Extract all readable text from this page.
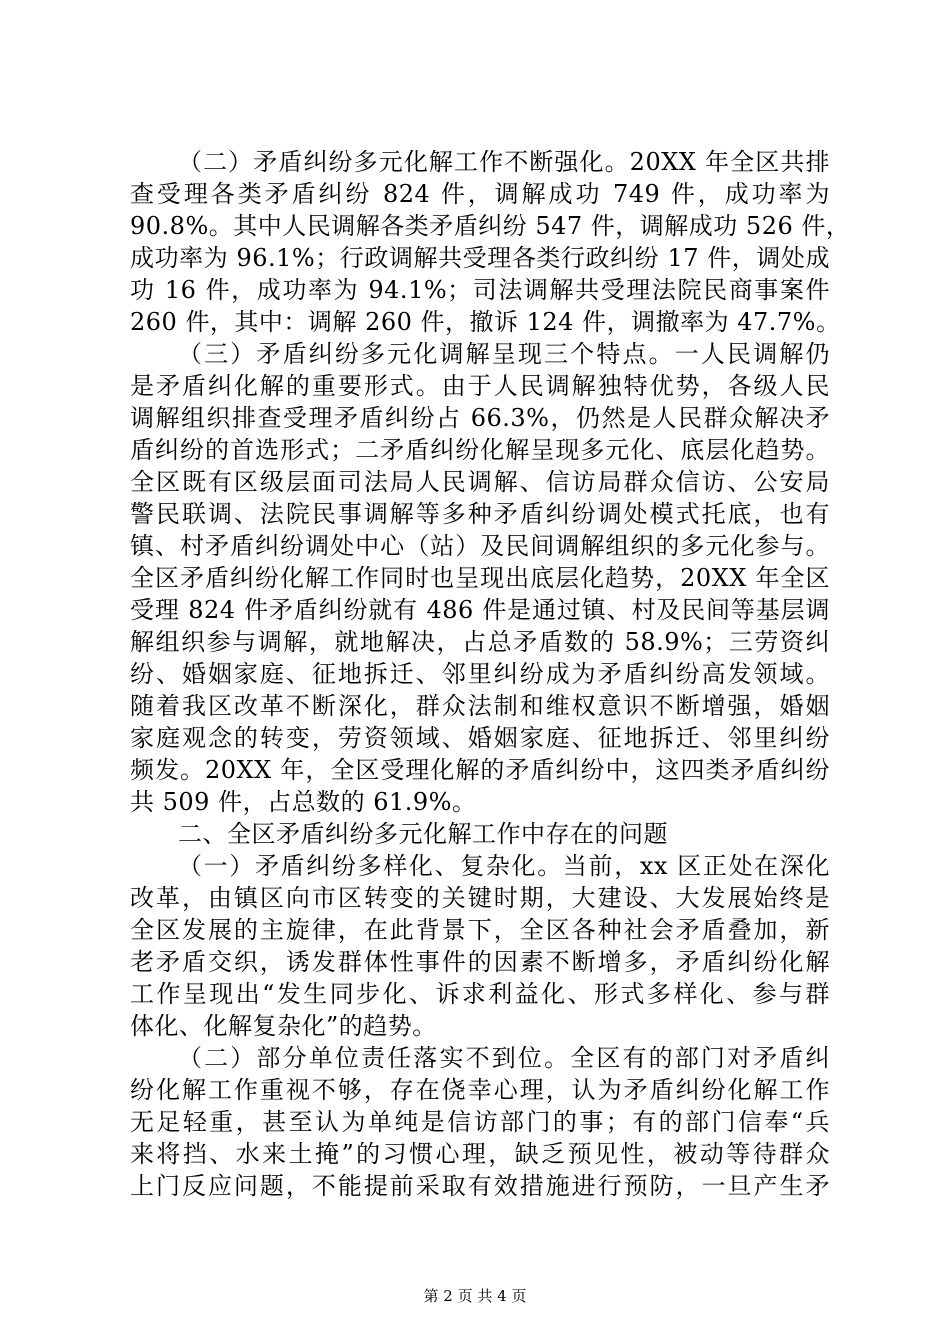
（二）矛盾纠纷多元化解工作不断强化。20XX 年全区共排
查受理各类矛盾纠纷 824 件，调解成功 749 件，成功率为
90.8%。其中人民调解各类矛盾纠纷 547 件，调解成功 526 件，
成功率为 96.1%；行政调解共受理各类行政纠纷 17 件，调处成
功 16 件，成功率为 94.1%；司法调解共受理法院民商事案件
260 件，其中：调解 260 件，撤诉 124 件，调撤率为 47.7%。
（三）矛盾纠纷多元化调解呈现三个特点。一人民调解仍
是矛盾纠化解的重要形式。由于人民调解独特优势，各级人民
调解组织排查受理矛盾纠纷占 66.3%，仍然是人民群众解决矛
盾纠纷的首选形式；二矛盾纠纷化解呈现多元化、底层化趋势。
全区既有区级层面司法局人民调解、信访局群众信访、公安局
警民联调、法院民事调解等多种矛盾纠纷调处模式托底，也有
镇、村矛盾纠纷调处中心（站）及民间调解组织的多元化参与。
全区矛盾纠纷化解工作同时也呈现出底层化趋势，20XX 年全区
受理 824 件矛盾纠纷就有 486 件是通过镇、村及民间等基层调
解组织参与调解，就地解决，占总矛盾数的 58.9%；三劳资纠
纷、婚姻家庭、征地拆迁、邻里纠纷成为矛盾纠纷高发领域。
随着我区改革不断深化，群众法制和维权意识不断增强，婚姻
家庭观念的转变，劳资领域、婚姻家庭、征地拆迁、邻里纠纷
频发。20XX 年，全区受理化解的矛盾纠纷中，这四类矛盾纠纷
共 509 件，占总数的 61.9%。
二、全区矛盾纠纷多元化解工作中存在的问题
（一）矛盾纠纷多样化、复杂化。当前，xx 区正处在深化
改革，由镇区向市区转变的关键时期，大建设、大发展始终是
全区发展的主旋律，在此背景下，全区各种社会矛盾叠加，新
老矛盾交织，诱发群体性事件的因素不断增多，矛盾纠纷化解
工作呈现出“发生同步化、诉求利益化、形式多样化、参与群
体化、化解复杂化”的趋势。
（二）部分单位责任落实不到位。全区有的部门对矛盾纠
纷化解工作重视不够，存在侥幸心理，认为矛盾纠纷化解工作
无足轻重，甚至认为单纯是信访部门的事；有的部门信奉“兵
来将挡、水来土掩”的习惯心理，缺乏预见性，被动等待群众
上门反应问题，不能提前采取有效措施进行预防，一旦产生矛
第 2 页 共 4 页
